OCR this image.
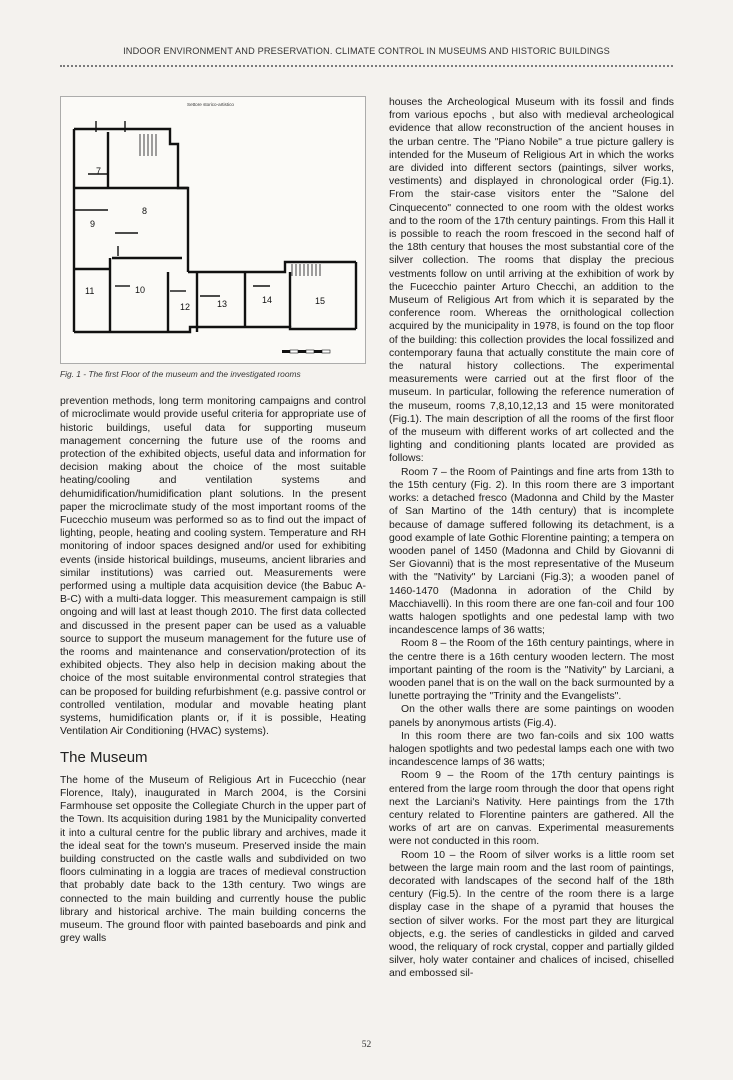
INDOOR ENVIRONMENT AND PRESERVATION. CLIMATE CONTROL IN MUSEUMS AND HISTORIC BUILDINGS
Settore storico-artistico
7
8
9
10
11
12	13	14	15
Fig. 1 - The first Floor of the museum and the investigated rooms

prevention methods, long term monitoring campaigns and control of microclimate would provide useful criteria for appropriate use of historic buildings, useful data for supporting museum management concerning the future use of the rooms and protection of the exhibited objects, useful data and information for decision making about the choice of the most suitable heating/cooling and ventilation systems and dehumidification/humidification plant solutions. In the present paper the microclimate study of the most important rooms of the Fucecchio museum was performed so as to find out the impact of lighting, people, heating and cooling system. Temperature and RH monitoring of indoor spaces designed and/or used for exhibiting events (inside historical buildings, museums, ancient libraries and similar institutions) was carried out. Measurements were performed using a multiple data acquisition device (the Babuc A-B-C) with a multi-data logger. This measurement campaign is still ongoing and will last at least though 2010. The first data collected and discussed in the present paper can be used as a valuable source to support the museum management for the future use of the rooms and maintenance and conservation/protection of its exhibited objects. They also help in decision making about the choice of the most suitable environmental control strategies that can be proposed for building refurbishment (e.g. passive control or controlled ventilation, modular and movable heating plant systems, humidification plants or, if it is possible, Heating Ventilation Air Conditioning (HVAC) systems).

The Museum

The home of the Museum of Religious Art in Fucecchio (near Florence, Italy), inaugurated in March 2004, is the Corsini Farmhouse set opposite the Collegiate Church in the upper part of the Town. Its acquisition during 1981 by the Municipality converted it into a cultural centre for the public library and archives, made it the ideal seat for the town's museum. Preserved inside the main building constructed on the castle walls and subdivided on two floors culminating in a loggia are traces of medieval construction that probably date back to the 13th century. Two wings are connected to the main building and currently house the public library and historical archive. The main building concerns the museum. The ground floor with painted baseboards and pink and grey walls

houses the Archeological Museum with its fossil and finds from various epochs , but also with medieval archeological evidence that allow reconstruction of the ancient houses in the urban centre. The "Piano Nobile" a true picture gallery is intended for the Museum of Religious Art in which the works are divided into different sectors (paintings, silver works, vestiments) and displayed in chronological order (Fig.1). From the stair-case visitors enter the "Salone del Cinquecento" connected to one room with the oldest works and to the room of the 17th century paintings. From this Hall it is possible to reach the room frescoed in the second half of the 18th century that houses the most substantial core of the silver collection. The rooms that display the precious vestments follow on until arriving at the exhibition of work by the Fucecchio painter Arturo Checchi, an addition to the Museum of Religious Art from which it is separated by the conference room. Whereas the ornithological collection acquired by the municipality in 1978, is found on the top floor of the building: this collection provides the local fossilized and contemporary fauna that actually constitute the main core of the natural history collections. The experimental measurements were carried out at the first floor of the museum. In particular, following the reference numeration of the museum, rooms 7,8,10,12,13 and 15 were monitorated (Fig.1). The main description of all the rooms of the first floor of the museum with different works of art collected and the lighting and conditioning plants located are provided as follows:

Room 7 – the Room of Paintings and fine arts from 13th to the 15th century (Fig. 2). In this room there are 3 important works: a detached fresco (Madonna and Child by the Master of San Martino of the 14th century) that is incomplete because of damage suffered following its detachment, is a good example of late Gothic Florentine painting; a tempera on wooden panel of 1450 (Madonna and Child by Giovanni di Ser Giovanni) that is the most representative of the Museum with the "Nativity" by Larciani (Fig.3); a wooden panel of 1460-1470 (Madonna in adoration of the Child by Macchiavelli). In this room there are one fan-coil and four 100 watts halogen spotlights and one pedestal lamp with two incandescence lamps of 36 watts;

Room 8 – the Room of the 16th century paintings, where in the centre there is a 16th century wooden lectern. The most important painting of the room is the "Nativity" by Larciani, a wooden panel that is on the wall on the back surmounted by a lunette portraying the "Trinity and the Evangelists".

On the other walls there are some paintings on wooden panels by anonymous artists (Fig.4).

In this room there are two fan-coils and six 100 watts halogen spotlights and two pedestal lamps each one with two incandescence lamps of 36 watts;

Room 9 – the Room of the 17th century paintings is entered from the large room through the door that opens right next the Larciani's Nativity. Here paintings from the 17th century related to Florentine painters are gathered. All the works of art are on canvas. Experimental measurements were not conducted in this room.

Room 10 – the Room of silver works is a little room set between the large main room and the last room of paintings, decorated with landscapes of the second half of the 18th century (Fig.5). In the centre of the room there is a large display case in the shape of a pyramid that houses the section of silver works. For the most part they are liturgical objects, e.g. the series of candlesticks in gilded and carved wood, the reliquary of rock crystal, copper and partially gilded silver, holy water container and chalices of incised, chiselled and embossed sil-

52
